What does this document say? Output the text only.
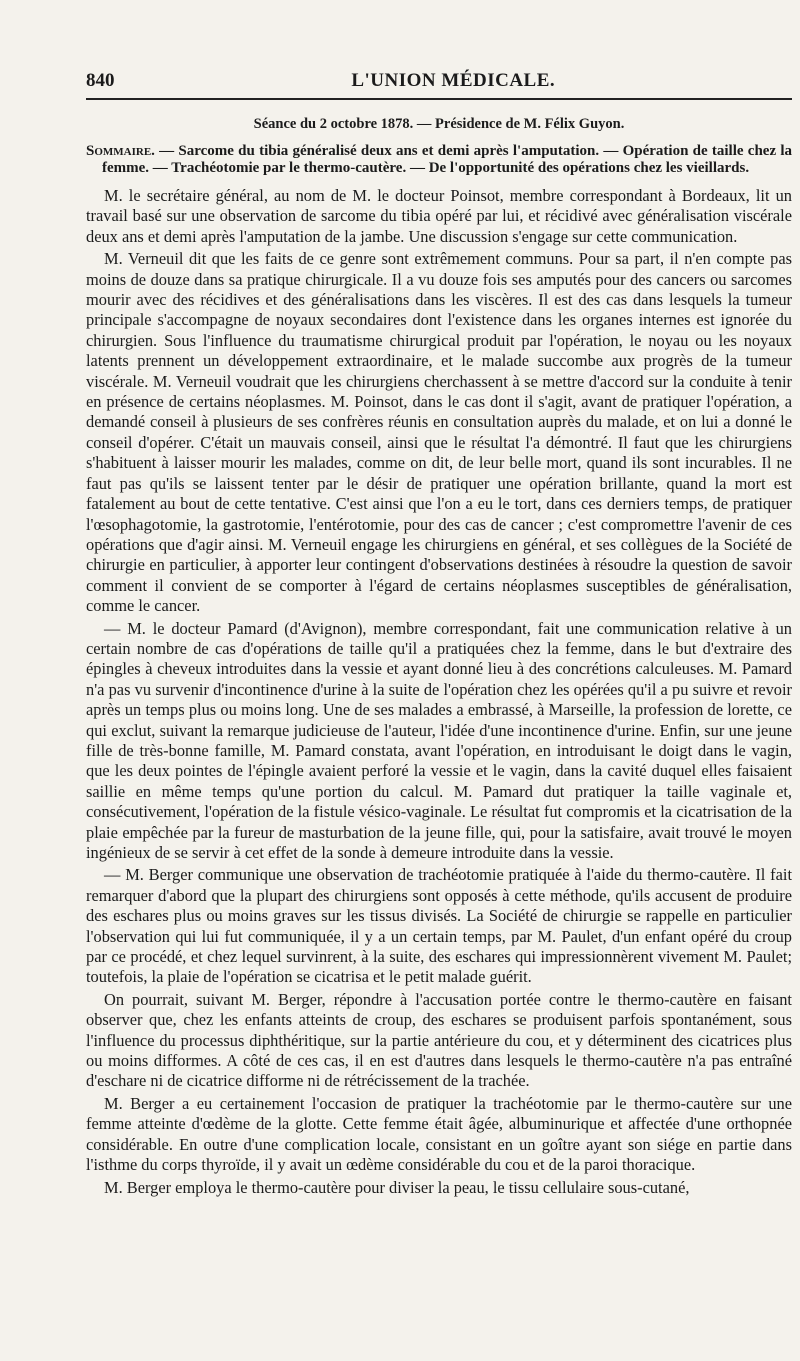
840	L'UNION MÉDICALE.
Séance du 2 octobre 1878. — Présidence de M. Félix Guyon.

Sommaire. — Sarcome du tibia généralisé deux ans et demi après l'amputation. — Opération de taille chez la femme. — Trachéotomie par le thermo-cautère. — De l'opportunité des opérations chez les vieillards.

M. le secrétaire général, au nom de M. le docteur Poinsot, membre correspondant à Bordeaux, lit un travail basé sur une observation de sarcome du tibia opéré par lui, et récidivé avec généralisation viscérale deux ans et demi après l'amputation de la jambe. Une discussion s'engage sur cette communication.

M. Verneuil dit que les faits de ce genre sont extrêmement communs. Pour sa part, il n'en compte pas moins de douze dans sa pratique chirurgicale. Il a vu douze fois ses amputés pour des cancers ou sarcomes mourir avec des récidives et des généralisations dans les viscères. Il est des cas dans lesquels la tumeur principale s'accompagne de noyaux secondaires dont l'existence dans les organes internes est ignorée du chirurgien. Sous l'influence du traumatisme chirurgical produit par l'opération, le noyau ou les noyaux latents prennent un développement extraordinaire, et le malade succombe aux progrès de la tumeur viscérale. M. Verneuil voudrait que les chirurgiens cherchassent à se mettre d'accord sur la conduite à tenir en présence de certains néoplasmes. M. Poinsot, dans le cas dont il s'agit, avant de pratiquer l'opération, a demandé conseil à plusieurs de ses confrères réunis en consultation auprès du malade, et on lui a donné le conseil d'opérer. C'était un mauvais conseil, ainsi que le résultat l'a démontré. Il faut que les chirurgiens s'habituent à laisser mourir les malades, comme on dit, de leur belle mort, quand ils sont incurables. Il ne faut pas qu'ils se laissent tenter par le désir de pratiquer une opération brillante, quand la mort est fatalement au bout de cette tentative. C'est ainsi que l'on a eu le tort, dans ces derniers temps, de pratiquer l'œsophagotomie, la gastrotomie, l'entérotomie, pour des cas de cancer ; c'est compromettre l'avenir de ces opérations que d'agir ainsi. M. Verneuil engage les chirurgiens en général, et ses collègues de la Société de chirurgie en particulier, à apporter leur contingent d'observations destinées à résoudre la question de savoir comment il convient de se comporter à l'égard de certains néoplasmes susceptibles de généralisation, comme le cancer.

— M. le docteur Pamard (d'Avignon), membre correspondant, fait une communication relative à un certain nombre de cas d'opérations de taille qu'il a pratiquées chez la femme, dans le but d'extraire des épingles à cheveux introduites dans la vessie et ayant donné lieu à des concrétions calculeuses. M. Pamard n'a pas vu survenir d'incontinence d'urine à la suite de l'opération chez les opérées qu'il a pu suivre et revoir après un temps plus ou moins long. Une de ses malades a embrassé, à Marseille, la profession de lorette, ce qui exclut, suivant la remarque judicieuse de l'auteur, l'idée d'une incontinence d'urine. Enfin, sur une jeune fille de très-bonne famille, M. Pamard constata, avant l'opération, en introduisant le doigt dans le vagin, que les deux pointes de l'épingle avaient perforé la vessie et le vagin, dans la cavité duquel elles faisaient saillie en même temps qu'une portion du calcul. M. Pamard dut pratiquer la taille vaginale et, consécutivement, l'opération de la fistule vésico-vaginale. Le résultat fut compromis et la cicatrisation de la plaie empêchée par la fureur de masturbation de la jeune fille, qui, pour la satisfaire, avait trouvé le moyen ingénieux de se servir à cet effet de la sonde à demeure introduite dans la vessie.

— M. Berger communique une observation de trachéotomie pratiquée à l'aide du thermo-cautère. Il fait remarquer d'abord que la plupart des chirurgiens sont opposés à cette méthode, qu'ils accusent de produire des eschares plus ou moins graves sur les tissus divisés. La Société de chirurgie se rappelle en particulier l'observation qui lui fut communiquée, il y a un certain temps, par M. Paulet, d'un enfant opéré du croup par ce procédé, et chez lequel survinrent, à la suite, des eschares qui impressionnèrent vivement M. Paulet; toutefois, la plaie de l'opération se cicatrisa et le petit malade guérit.

On pourrait, suivant M. Berger, répondre à l'accusation portée contre le thermo-cautère en faisant observer que, chez les enfants atteints de croup, des eschares se produisent parfois spontanément, sous l'influence du processus diphthéritique, sur la partie antérieure du cou, et y déterminent des cicatrices plus ou moins difformes. A côté de ces cas, il en est d'autres dans lesquels le thermo-cautère n'a pas entraîné d'eschare ni de cicatrice difforme ni de rétrécissement de la trachée.

M. Berger a eu certainement l'occasion de pratiquer la trachéotomie par le thermo-cautère sur une femme atteinte d'œdème de la glotte. Cette femme était âgée, albuminurique et affectée d'une orthopnée considérable. En outre d'une complication locale, consistant en un goître ayant son siége en partie dans l'isthme du corps thyroïde, il y avait un œdème considérable du cou et de la paroi thoracique.

M. Berger employa le thermo-cautère pour diviser la peau, le tissu cellulaire sous-cutané,
